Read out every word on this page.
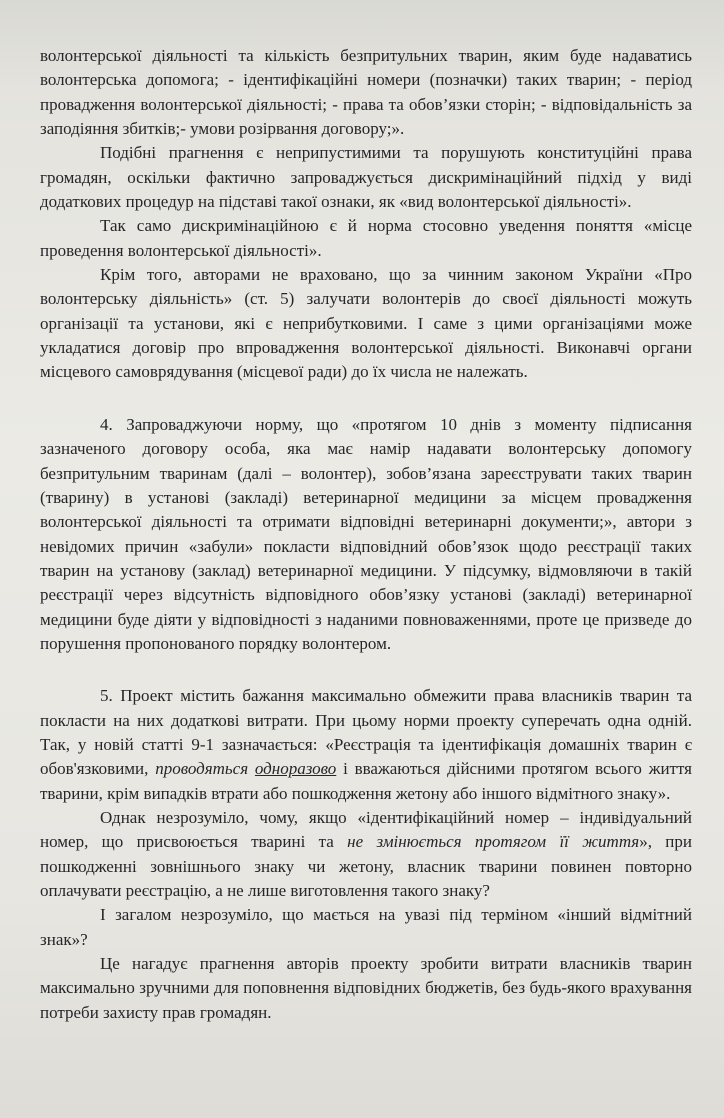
волонтерської діяльності та кількість безпритульних тварин, яким буде надаватись волонтерська допомога; - ідентифікаційні номери (позначки) таких тварин; - період провадження волонтерської діяльності; - права та обов’язки сторін; - відповідальність за заподіяння збитків;- умови розірвання договору;».

Подібні прагнення є неприпустимими та порушують конституційні права громадян, оскільки фактично запроваджується дискримінаційний підхід у виді додаткових процедур на підставі такої ознаки, як «вид волонтерської діяльності».

Так само дискримінаційною є й норма стосовно уведення поняття «місце проведення волонтерської діяльності».

Крім того, авторами не враховано, що за чинним законом України «Про волонтерську діяльність» (ст. 5) залучати волонтерів до своєї діяльності можуть організації та установи, які є неприбутковими. І саме з цими організаціями може укладатися договір про впровадження волонтерської діяльності. Виконавчі органи місцевого самоврядування (місцевої ради) до їх числа не належать.

4. Запроваджуючи норму, що «протягом 10 днів з моменту підписання зазначеного договору особа, яка має намір надавати волонтерську допомогу безпритульним тваринам (далі – волонтер), зобов’язана зареєструвати таких тварин (тварину) в установі (закладі) ветеринарної медицини за місцем провадження волонтерської діяльності та отримати відповідні ветеринарні документи;», автори з невідомих причин «забули» покласти відповідний обов’язок щодо реєстрації таких тварин на установу (заклад) ветеринарної медицини. У підсумку, відмовляючи в такій реєстрації через відсутність відповідного обов’язку установі (закладі) ветеринарної медицини буде діяти у відповідності з наданими повноваженнями, проте це призведе до порушення пропонованого порядку волонтером.

5. Проект містить бажання максимально обмежити права власників тварин та покласти на них додаткові витрати. При цьому норми проекту суперечать одна одній. Так, у новій статті 9-1 зазначається: «Реєстрація та ідентифікація домашніх тварин є обов'язковими, проводяться одноразово і вважаються дійсними протягом всього життя тварини, крім випадків втрати або пошкодження жетону або іншого відмітного знаку».

Однак незрозуміло, чому, якщо «ідентифікаційний номер – індивідуальний номер, що присвоюється тварині та не змінюється протягом її життя», при пошкодженні зовнішнього знаку чи жетону, власник тварини повинен повторно оплачувати реєстрацію, а не лише виготовлення такого знаку?

І загалом незрозуміло, що мається на увазі під терміном «інший відмітний знак»?

Це нагадує прагнення авторів проекту зробити витрати власників тварин максимально зручними для поповнення відповідних бюджетів, без будь-якого врахування потреби захисту прав громадян.
